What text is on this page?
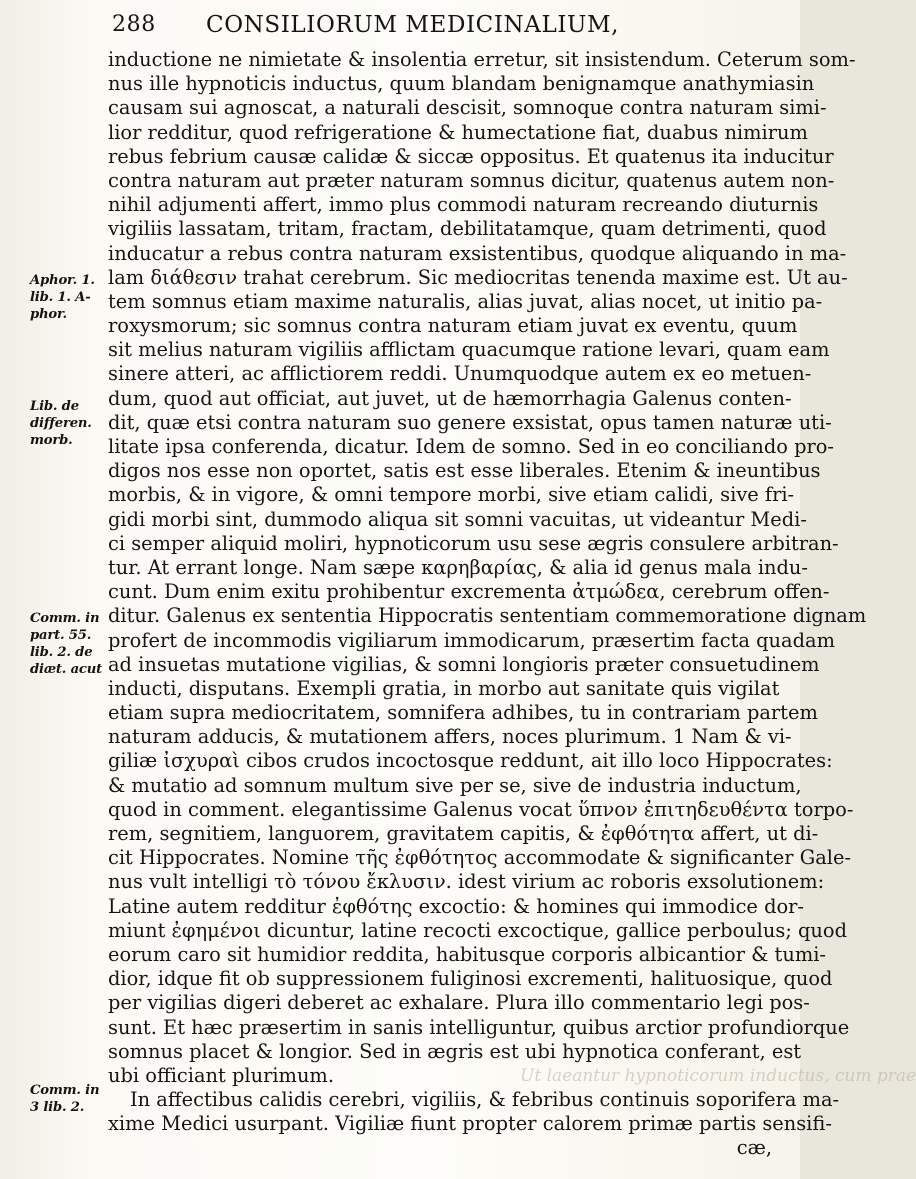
288 CONSILIORUM MEDICINALIUM,
inductione ne nimietate & insolentia erretur, sit insistendum. Ceterum som-
nus ille hypnoticis inductus, quum blandam benignamque anathymiasin
causam sui agnoscat, a naturali descisit, somnoque contra naturam simi-
lior redditur, quod refrigeratione & humectatione fiat, duabus nimirum
rebus febrium causæ calidæ & siccæ oppositus. Et quatenus ita inducitur
contra naturam aut præter naturam somnus dicitur, quatenus autem non-
nihil adjumenti affert, immo plus commodi naturam recreando diuturnis
vigiliis lassatam, tritam, fractam, debilitatamque, quam detrimenti, quod
inducatur a rebus contra naturam exsistentibus, quodque aliquando in ma-
lam διάθεσιν trahat cerebrum. Sic mediocritas tenenda maxime est. Ut au-
tem somnus etiam maxime naturalis, alias juvat, alias nocet, ut initio pa-
roxysmorum; sic somnus contra naturam etiam juvat ex eventu, quum
sit melius naturam vigiliis afflictam quacumque ratione levari, quam eam
sinere atteri, ac afflictiorem reddi. Unumquodque autem ex eo metuen-
dum, quod aut officiat, aut juvet, ut de hæmorrhagia Galenus conten-
dit, quæ etsi contra naturam suo genere exsistat, opus tamen naturæ uti-
litate ipsa conferenda, dicatur. Idem de somno. Sed in eo conciliando pro-
digos nos esse non oportet, satis est esse liberales. Etenim & ineuntibus
morbis, & in vigore, & omni tempore morbi, sive etiam calidi, sive fri-
gidi morbi sint, dummodo aliqua sit somni vacuitas, ut videantur Medi-
ci semper aliquid moliri, hypnoticorum usu sese ægris consulere arbitran-
tur. At errant longe. Nam sæpe καρηβαρίας, & alia id genus mala indu-
cunt. Dum enim exitu prohibentur excrementa ἀτμώδεα, cerebrum offen-
ditur. Galenus ex sententia Hippocratis sententiam commemoratione dignam
profert de incommodis vigiliarum immodicarum, præsertim facta quadam
ad insuetas mutatione vigilias, & somni longioris præter consuetudinem
inducti, disputans. Exempli gratia, in morbo aut sanitate quis vigilat
etiam supra mediocritatem, somnifera adhibes, tu in contrariam partem
naturam adducis, & mutationem affers, noces plurimum. 1 Nam & vi-
giliæ ἰσχυραὶ cibos crudos incoctosque reddunt, ait illo loco Hippocrates:
& mutatio ad somnum multum sive per se, sive de industria inductum,
quod in comment. elegantissime Galenus vocat ὕπνον ἐπιτηδευθέντα torpo-
rem, segnitiem, languorem, gravitatem capitis, & ἐφθότητα affert, ut di-
cit Hippocrates. Nomine τῆς ἐφθότητος accommodate & significanter Gale-
nus vult intelligi τὸ τόνου ἔκλυσιν. idest virium ac roboris exsolutionem:
Latine autem redditur ἐφθότης excoctio: & homines qui immodice dor-
miunt ἐφημένοι dicuntur, latine recocti excoctique, gallice perboulus; quod
eorum caro sit humidior reddita, habitusque corporis albicantior & tumi-
dior, idque fit ob suppressionem fuliginosi excrementi, halituosique, quod
per vigilias digeri deberet ac exhalare. Plura illo commentario legi pos-
sunt. Et hæc præsertim in sanis intelliguntur, quibus arctior profundiorque
somnus placet & longior. Sed in ægris est ubi hypnotica conferant, est
ubi officiant plurimum.
In affectibus calidis cerebri, vigiliis, & febribus continuis soporifera ma-
xime Medici usurpant. Vigiliæ fiunt propter calorem primæ partis sensifi-
cæ,
Aphor. 1.
lib. 1. A-
phor.
Lib. de
differen.
morb.
Comm. in
part. 55.
lib. 2. de
diæt. acut
Comm. in
3 lib. 2.
Ut laeantur hypnoticorum inductus, cum prae
